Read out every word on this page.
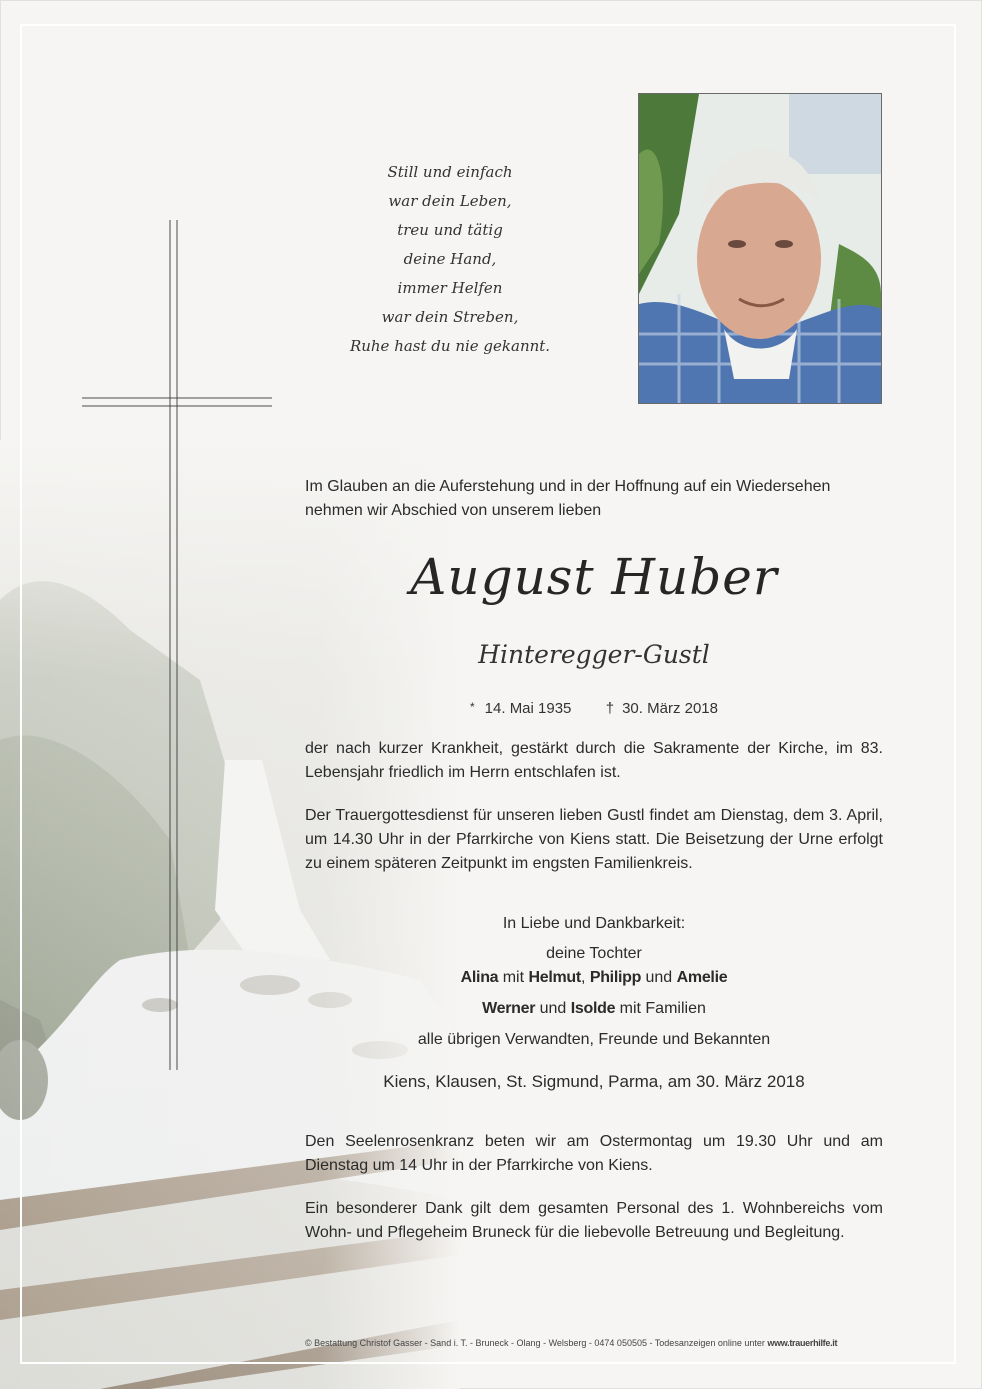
Still und einfach
war dein Leben,
treu und tätig
deine Hand,
immer Helfen
war dein Streben,
Ruhe hast du nie gekannt.
Im Glauben an die Auferstehung und in der Hoffnung auf ein Wiedersehen nehmen wir Abschied von unserem lieben
August Huber
Hinteregger-Gustl
* 14. Mai 1935 † 30. März 2018
der nach kurzer Krankheit, gestärkt durch die Sakramente der Kirche, im 83. Lebensjahr friedlich im Herrn entschlafen ist.
Der Trauergottesdienst für unseren lieben Gustl findet am Dienstag, dem 3. April, um 14.30 Uhr in der Pfarrkirche von Kiens statt. Die Beisetzung der Urne erfolgt zu einem späteren Zeitpunkt im engsten Familienkreis.
In Liebe und Dankbarkeit:
deine Tochter
Alina mit Helmut, Philipp und Amelie
Werner und Isolde mit Familien
alle übrigen Verwandten, Freunde und Bekannten
Kiens, Klausen, St. Sigmund, Parma, am 30. März 2018
Den Seelenrosenkranz beten wir am Ostermontag um 19.30 Uhr und am Dienstag um 14 Uhr in der Pfarrkirche von Kiens.
Ein besonderer Dank gilt dem gesamten Personal des 1. Wohnbereichs vom Wohn- und Pflegeheim Bruneck für die liebevolle Betreuung und Begleitung.
© Bestattung Christof Gasser - Sand i. T. - Bruneck - Olang - Welsberg - 0474 050505 - Todesanzeigen online unter www.trauerhilfe.it
